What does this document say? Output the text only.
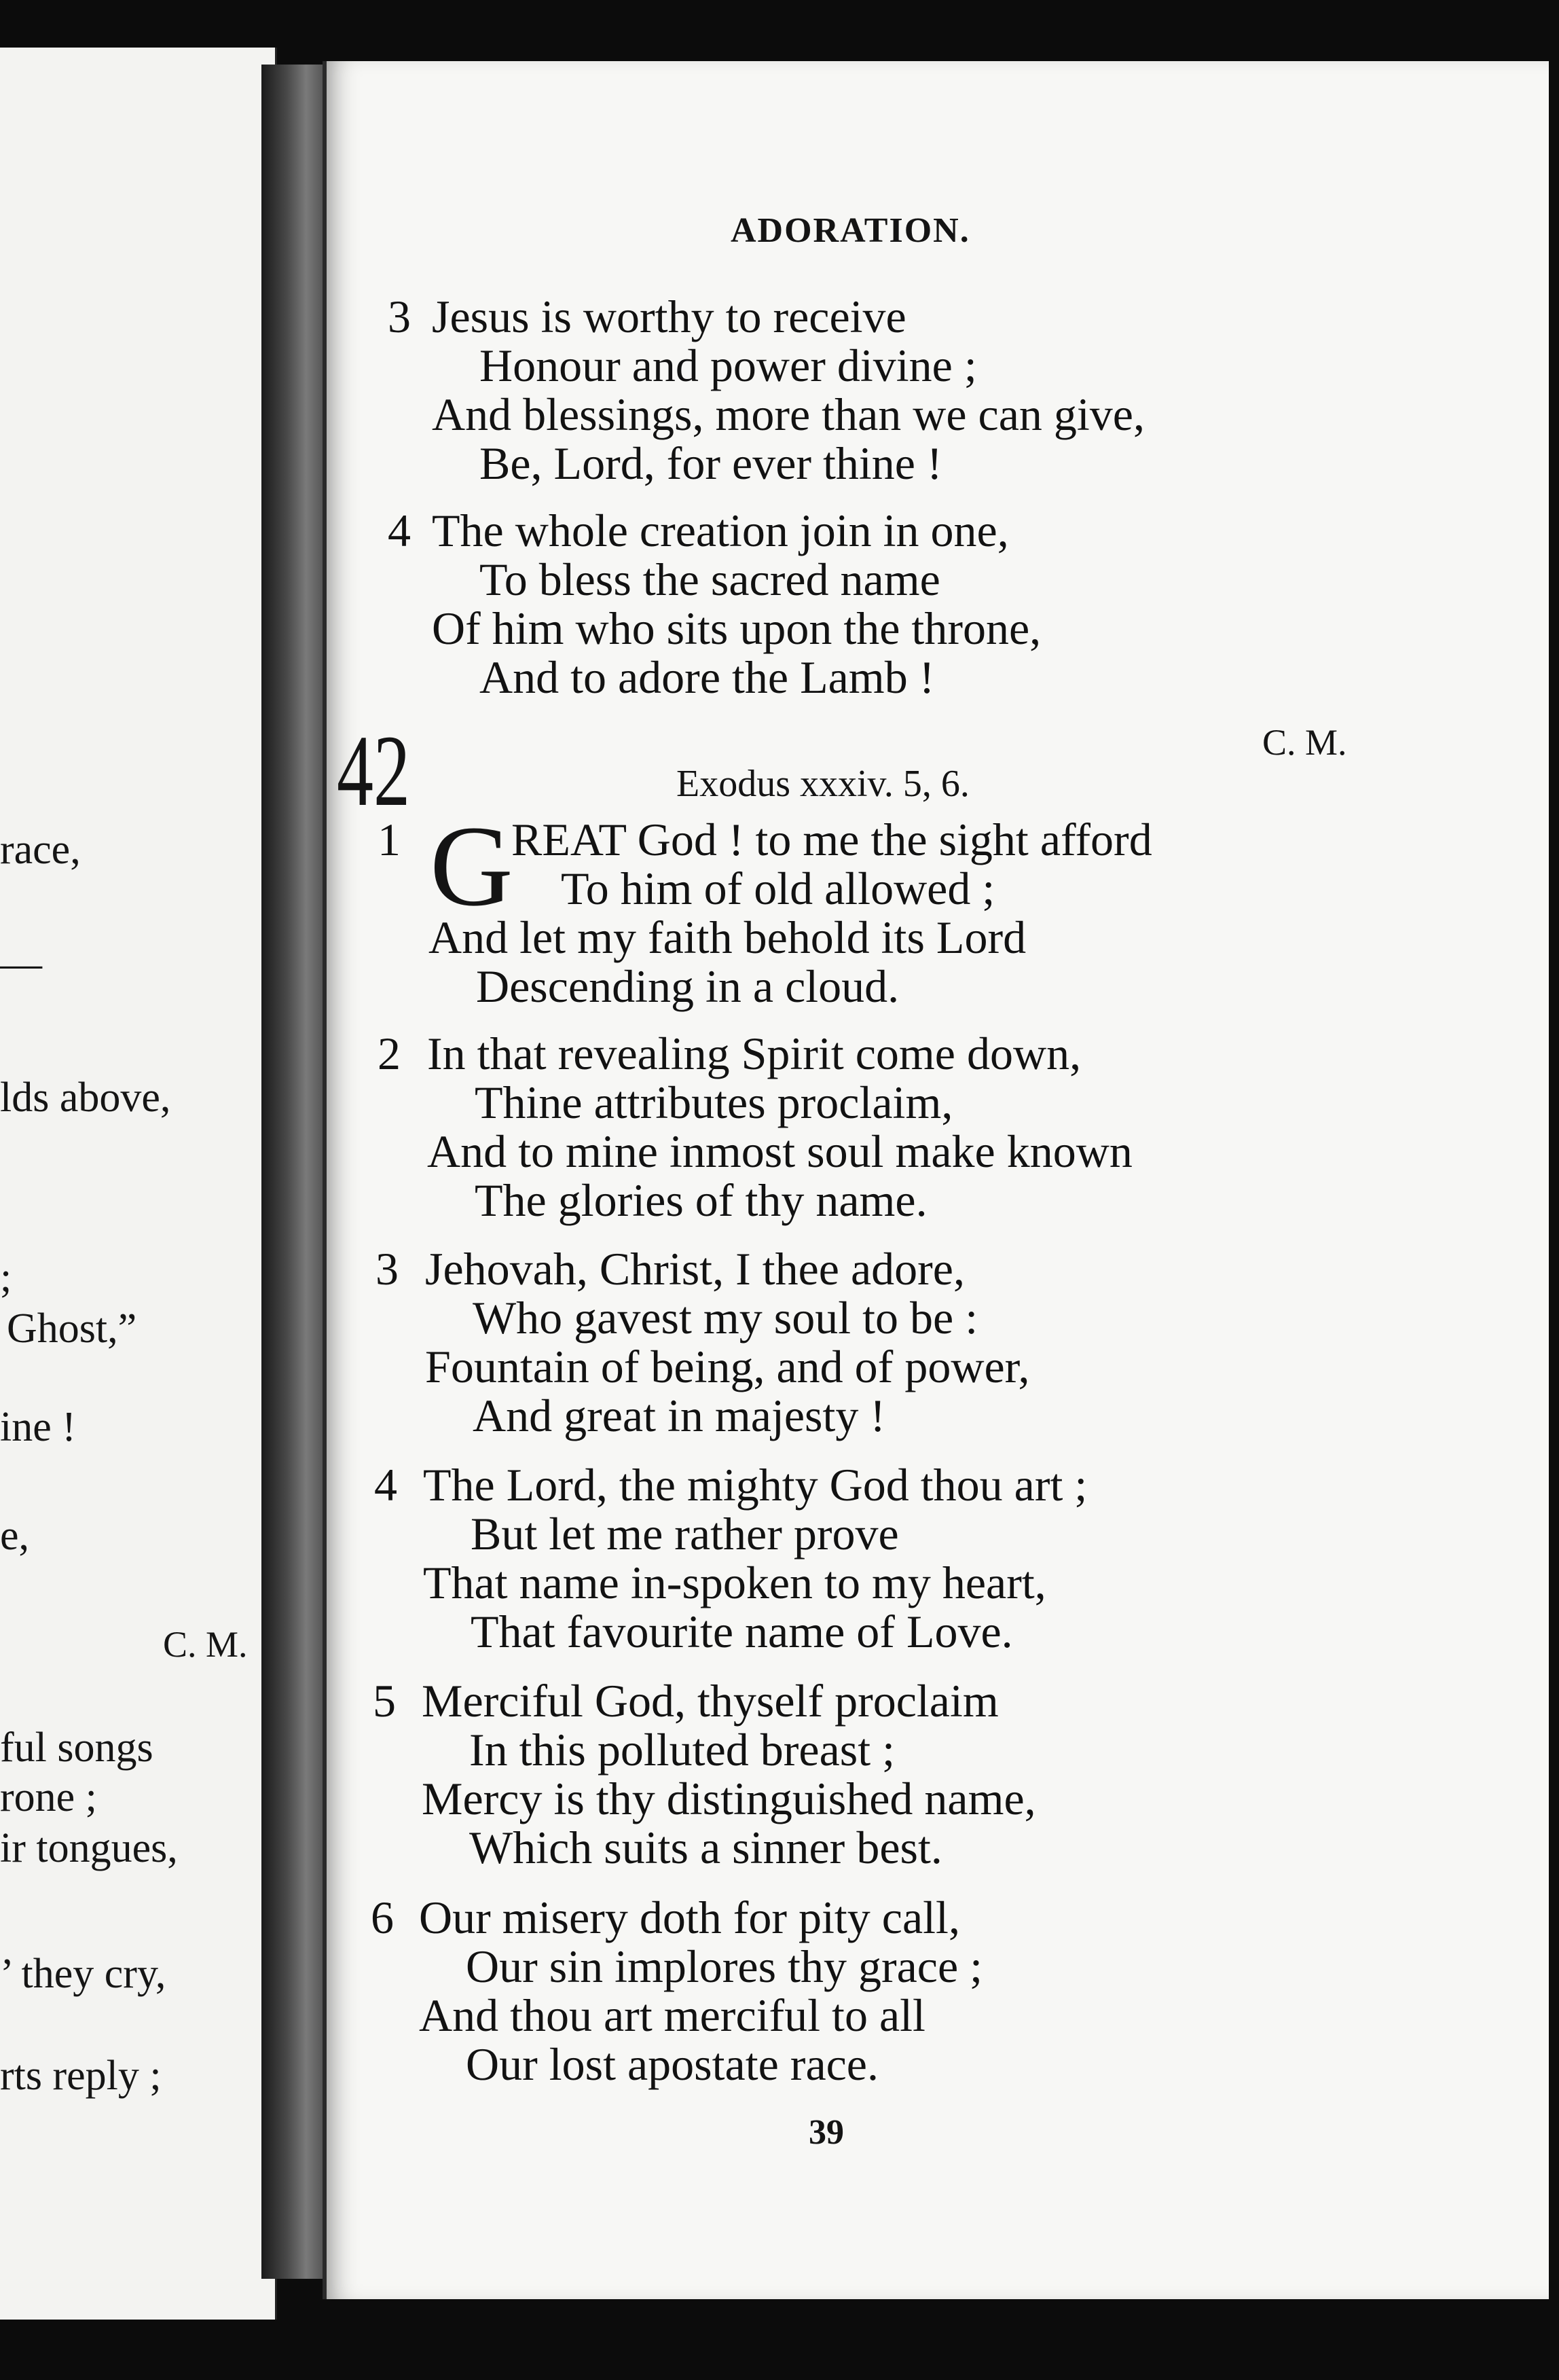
race,
—
lds above,
;
Ghost,”
ine !
e,
C. M.
ful songs
rone ;
ir tongues,
’ they cry,
rts reply ;
ADORATION.
3 Jesus is worthy to receive
Honour and power divine ;
And blessings, more than we can give,
Be, Lord, for ever thine !
4 The whole creation join in one,
To bless the sacred name
Of him who sits upon the throne,
And to adore the Lamb !
42	C. M.
Exodus xxxiv. 5, 6.
1 G
REAT God ! to me the sight afford
To him of old allowed ;
And let my faith behold its Lord
Descending in a cloud.
2 In that revealing Spirit come down,
Thine attributes proclaim,
And to mine inmost soul make known
The glories of thy name.
3 Jehovah, Christ, I thee adore,
Who gavest my soul to be :
Fountain of being, and of power,
And great in majesty !
4 The Lord, the mighty God thou art ;
But let me rather prove
That name in-spoken to my heart,
That favourite name of Love.
5 Merciful God, thyself proclaim
In this polluted breast ;
Mercy is thy distinguished name,
Which suits a sinner best.
6 Our misery doth for pity call,
Our sin implores thy grace ;
And thou art merciful to all
Our lost apostate race.
39
